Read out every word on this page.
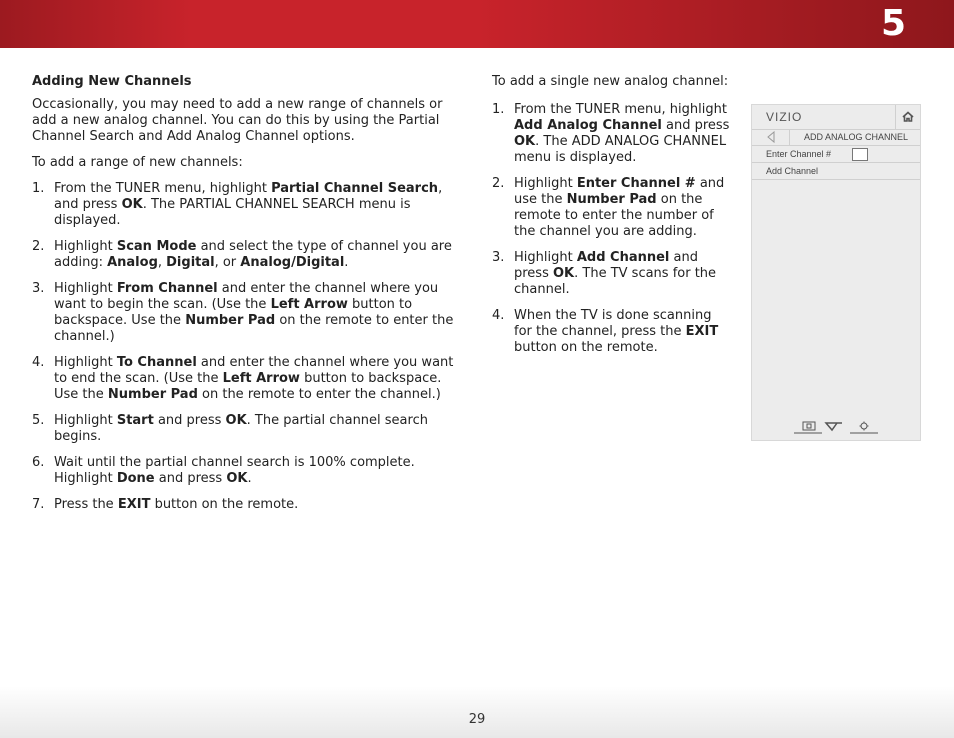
5
Adding New Channels

Occasionally, you may need to add a new range of channels or add a new analog channel. You can do this by using the Partial Channel Search and Add Analog Channel options.

To add a range of new channels:

1. From the TUNER menu, highlight Partial Channel Search, and press OK. The PARTIAL CHANNEL SEARCH menu is displayed.
2. Highlight Scan Mode and select the type of channel you are adding: Analog, Digital, or Analog/Digital.
3. Highlight From Channel and enter the channel where you want to begin the scan. (Use the Left Arrow button to backspace. Use the Number Pad on the remote to enter the channel.)
4. Highlight To Channel and enter the channel where you want to end the scan. (Use the Left Arrow button to backspace. Use the Number Pad on the remote to enter the channel.)
5. Highlight Start and press OK. The partial channel search begins.
6. Wait until the partial channel search is 100% complete. Highlight Done and press OK.
7. Press the EXIT button on the remote.

To add a single new analog channel:

1. From the TUNER menu, highlight Add Analog Channel and press OK. The ADD ANALOG CHANNEL menu is displayed.
2. Highlight Enter Channel # and use the Number Pad on the remote to enter the number of the channel you are adding.
3. Highlight Add Channel and press OK. The TV scans for the channel.
4. When the TV is done scanning for the channel, press the EXIT button on the remote.
VIZIO
ADD ANALOG CHANNEL
Enter Channel #
Add Channel
29
